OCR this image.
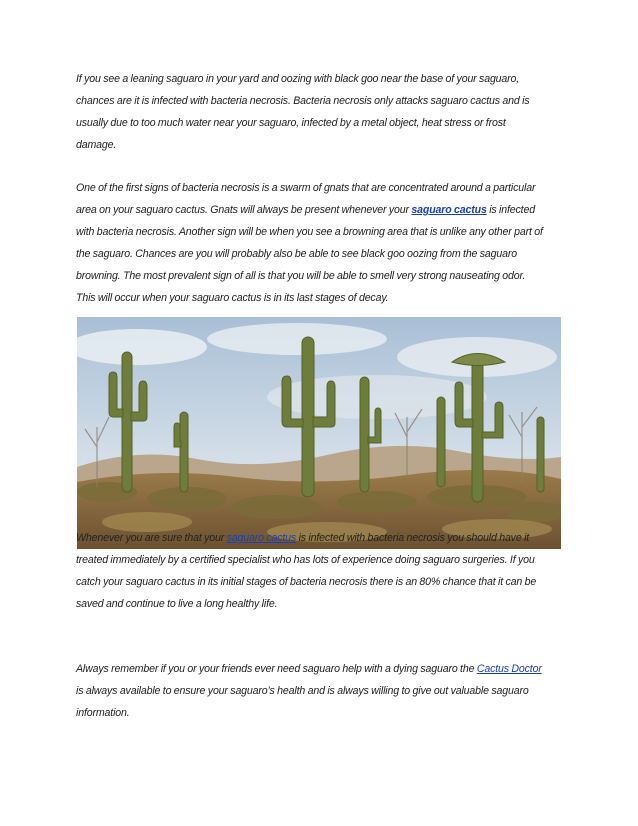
If you see a leaning saguaro in your yard and oozing with black goo near the base of your saguaro,
chances are it is infected with bacteria necrosis. Bacteria necrosis only attacks saguaro cactus and is
usually due to too much water near your saguaro, infected by a metal object, heat stress or frost
damage.

One of the first signs of bacteria necrosis is a swarm of gnats that are concentrated around a particular
area on your saguaro cactus. Gnats will always be present whenever your saguaro cactus is infected
with bacteria necrosis. Another sign will be when you see a browning area that is unlike any other part of
the saguaro. Chances are you will probably also be able to see black goo oozing from the saguaro
browning. The most prevalent sign of all is that you will be able to smell very strong nauseating odor.
This will occur when your saguaro cactus is in its last stages of decay.

Whenever you are sure that your saguaro cactus is infected with bacteria necrosis you should have it
treated immediately by a certified specialist who has lots of experience doing saguaro surgeries. If you
catch your saguaro cactus in its initial stages of bacteria necrosis there is an 80% chance that it can be
saved and continue to live a long healthy life.

Always remember if you or your friends ever need saguaro help with a dying saguaro the Cactus Doctor
is always available to ensure your saguaro’s health and is always willing to give out valuable saguaro
information.
